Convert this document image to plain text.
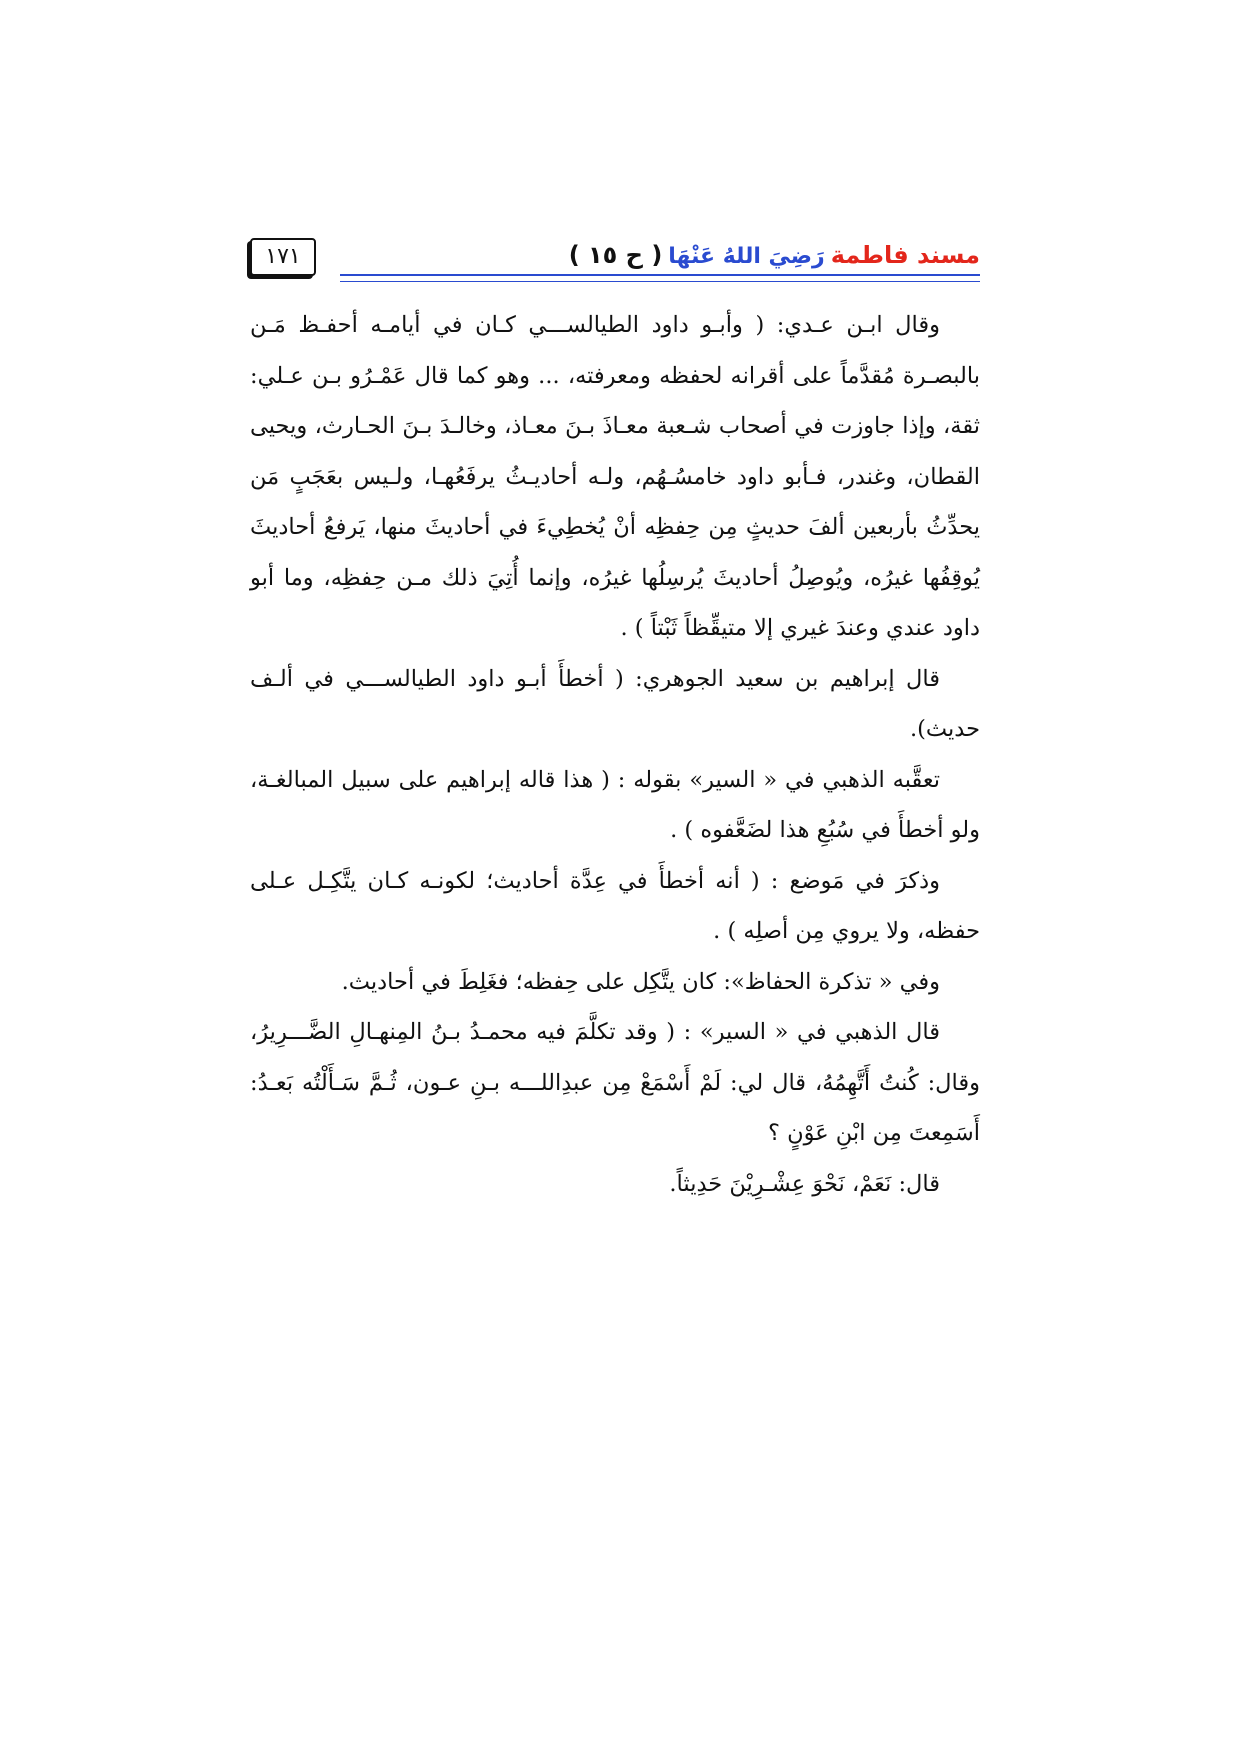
مسند فاطمةرَضِيَ اللهُ عَنْهَا( ح ١٥ )
١٧١

وقال ابـن عـدي: ( وأبـو داود الطيالســـي كـان في أيامـه أحفـظ مَـن بالبصـرة مُقدَّماً على أقرانه لحفظه ومعرفته، ... وهو كما قال عَمْـرُو بـن عـلي: ثقة، وإذا جاوزت في أصحاب شـعبة معـاذَ بـنَ معـاذ، وخالـدَ بـنَ الحـارث، ويحيى القطان، وغندر، فـأبو داود خامسُـهُم، ولـه أحاديـثُ يرفَعُهـا، ولـيس بعَجَبٍ مَن يحدِّثُ بأربعين ألفَ حديثٍ مِن حِفظِه أنْ يُخطِيءَ في أحاديثَ منها، يَرفعُ أحاديثَ يُوقِفُها غيرُه، ويُوصِلُ أحاديثَ يُرسِلُها غيرُه، وإنما أُتِيَ ذلك مـن حِفظِه، وما أبو داود عندي وعندَ غيري إلا متيقِّظاً ثَبْتاً ) .

قال إبراهيم بن سعيد الجوهري: ( أخطأَ أبـو داود الطيالســـي في ألـف حديث).

تعقَّبه الذهبي في « السير» بقوله : ( هذا قاله إبراهيم على سبيل المبالغـة، ولو أخطأَ في سُبُعِ هذا لضَعَّفوه ) .

وذكرَ في مَوضع : ( أنه أخطأَ في عِدَّة أحاديث؛ لكونـه كـان يتَّكِـل عـلى حفظه، ولا يروي مِن أصلِه ) .

وفي « تذكرة الحفاظ»: كان يتَّكِل على حِفظه؛ فغَلِطَ في أحاديث.

قال الذهبي في « السير» : ( وقد تكلَّمَ فيه محمـدُ بـنُ المِنهـالِ الضَّـــرِيرُ، وقال: كُنتُ أَتَّهِمُهُ، قال لي: لَمْ أَسْمَعْ مِن عبدِاللـــه بـنِ عـون، ثُـمَّ سَـأَلْتُه بَعـدُ: أَسَمِعتَ مِن ابْنِ عَوْنٍ ؟

قال: نَعَمْ، نَحْوَ عِشْـرِيْنَ حَدِيثاً.
